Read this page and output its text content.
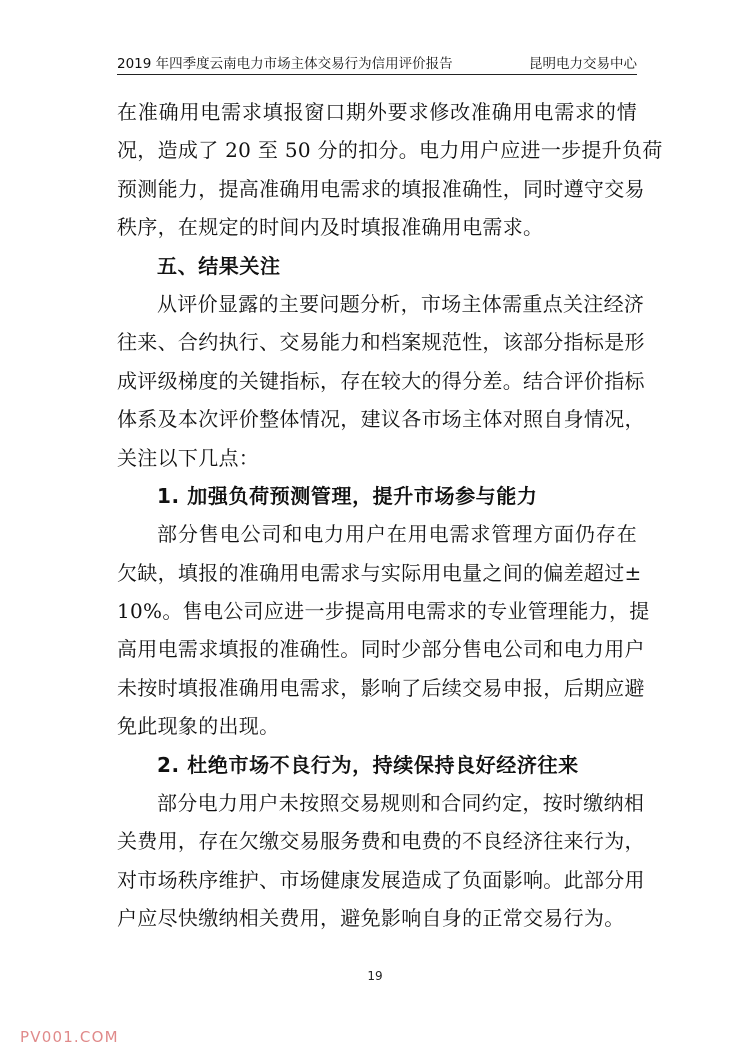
2019 年四季度云南电力市场主体交易行为信用评价报告	昆明电力交易中心
在准确用电需求填报窗口期外要求修改准确用电需求的情
况，造成了 20 至 50 分的扣分。电力用户应进一步提升负荷
预测能力，提高准确用电需求的填报准确性，同时遵守交易
秩序，在规定的时间内及时填报准确用电需求。
五、结果关注
从评价显露的主要问题分析，市场主体需重点关注经济
往来、合约执行、交易能力和档案规范性，该部分指标是形
成评级梯度的关键指标，存在较大的得分差。结合评价指标
体系及本次评价整体情况，建议各市场主体对照自身情况，
关注以下几点：
1. 加强负荷预测管理，提升市场参与能力
部分售电公司和电力用户在用电需求管理方面仍存在
欠缺，填报的准确用电需求与实际用电量之间的偏差超过±
10%。售电公司应进一步提高用电需求的专业管理能力，提
高用电需求填报的准确性。同时少部分售电公司和电力用户
未按时填报准确用电需求，影响了后续交易申报，后期应避
免此现象的出现。
2. 杜绝市场不良行为，持续保持良好经济往来
部分电力用户未按照交易规则和合同约定，按时缴纳相
关费用，存在欠缴交易服务费和电费的不良经济往来行为，
对市场秩序维护、市场健康发展造成了负面影响。此部分用
户应尽快缴纳相关费用，避免影响自身的正常交易行为。
19
PV001.COM
